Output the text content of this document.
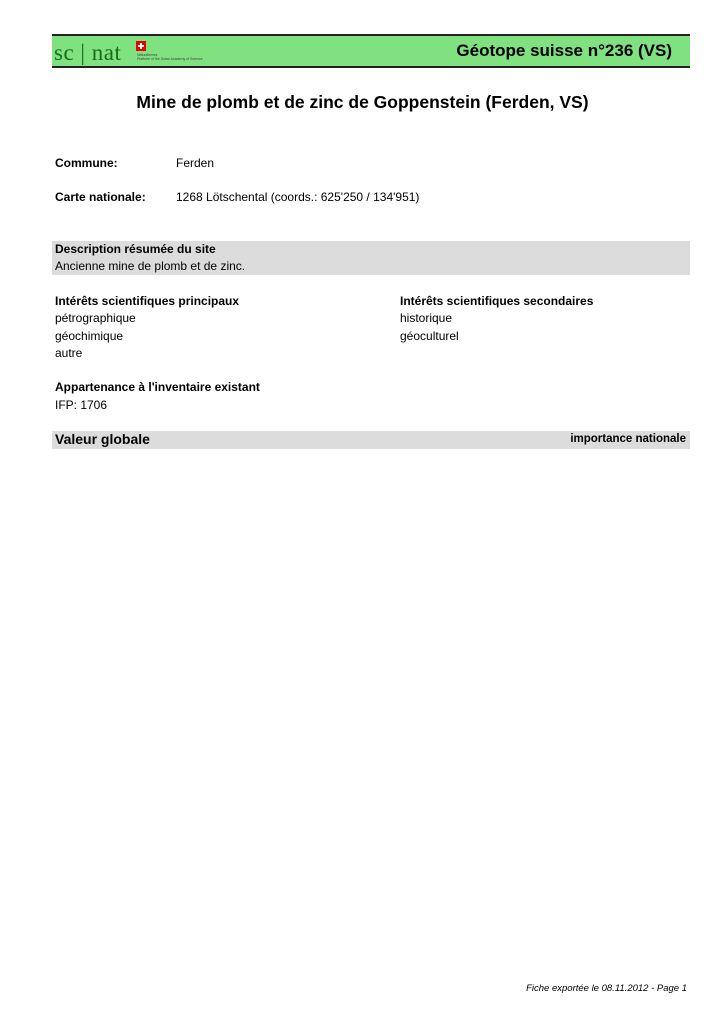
sc | nat	Naturalismes
Platform of the Swiss Academy of Science	Géotope suisse n°236 (VS)
Mine de plomb et de zinc de Goppenstein (Ferden, VS)
Commune:	Ferden
Carte nationale:	1268 Lötschental (coords.: 625'250 / 134'951)
Description résumée du site
Ancienne mine de plomb et de zinc.
Intérêts scientifiques principaux
pétrographique
géochimique
autre
Intérêts scientifiques secondaires
historique
géoculturel
Appartenance à l'inventaire existant
IFP: 1706
Valeur globale	importance nationale
Fiche exportée le 08.11.2012 - Page 1
